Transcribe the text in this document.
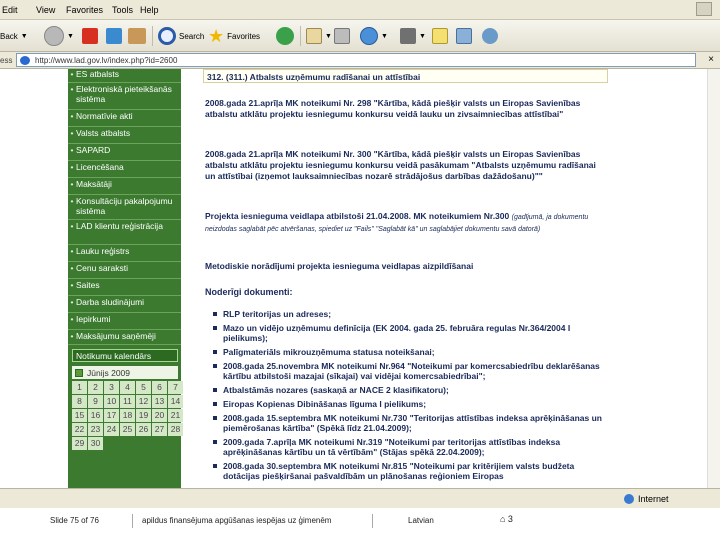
Edit View Favorites Tools Help
Back ▼	▼	Search ★ Favorites	▼	▼	▼
ess	http://www.lad.gov.lv/index.php?id=2600	×
• ES atbalsts
• Elektroniskā pieteikšanās sistēma
• Normatīvie akti
• Valsts atbalsts
• SAPARD
• Licencēšana
• Maksātāji
• Konsultāciju pakalpojumu sistēma
• LAD klientu reģistrācija
• Lauku reģistrs
• Cenu saraksti
• Saites
• Darba sludinājumi
• Iepirkumi
• Maksājumu saņēmēji
Notikumu kalendārs
Jūnijs 2009
1	2	3	4	5	6	7
8	9	10 11 12 13 14
15 16 17 18 19 20 21
22 23 24 25 26 27 28
29 30
312. (311.) Atbalsts uzņēmumu radīšanai un attīstībai
2008.gada 21.aprīļa MK noteikumi Nr. 298 "Kārtība, kādā piešķir valsts un Eiropas Savienības atbalstu atklātu projektu iesniegumu konkursu veidā lauku un zivsaimniecības attīstībai"
2008.gada 21.aprīļa MK noteikumi Nr. 300 "Kārtība, kādā piešķir valsts un Eiropas Savienības atbalstu atklātu projektu iesniegumu konkursu veidā pasākumam "Atbalsts uzņēmumu radīšanai un attīstībai (izņemot lauksaimniecības nozarē strādājošus darbības dažādošanu)""
Projekta iesnieguma veidlapa atbilstoši 21.04.2008. MK noteikumiem Nr.300 (gadījumā, ja dokumentu neizdodas saglabāt pēc atvēršanas, spiediet uz "Fails" "Saglabāt kā" un saglabājiet dokumentu savā datorā)
Metodiskie norādījumi projekta iesnieguma veidlapas aizpildīšanai
Noderīgi dokumenti:
RLP teritorijas un adreses;
Mazo un vidējo uzņēmumu definīcija (EK 2004. gada 25. februāra regulas Nr.364/2004 I pielikums);
Palīgmateriāls mikrouzņēmuma statusa noteikšanai;
2008.gada 25.novembra MK noteikumi Nr.964 "Noteikumi par komercsabiedrību deklarēšanas kārtību atbilstoši mazajai (sīkajai) vai vidējai komercsabiedrībai";
Atbalstāmās nozares (saskaņā ar NACE 2 klasifikatoru);
Eiropas Kopienas Dibināšanas līguma I pielikums;
2008.gada 15.septembra MK noteikumi Nr.730 "Teritorijas attīstības indeksa aprēķināšanas un piemērošanas kārtība" (Spēkā līdz 21.04.2009);
2009.gada 7.aprīļa MK noteikumi Nr.319 "Noteikumi par teritorijas attīstības indeksa aprēķināšanas kārtību un tā vērtībām" (Stājas spēkā 22.04.2009);
2008.gada 30.septembra MK noteikumi Nr.815 "Noteikumi par kritērijiem valsts budžeta dotācijas piešķiršanai pašvaldībām un plānošanas reģioniem Eiropas
Internet
Slide 75 of 76	apildus finansējuma apgūšanas iespējas uz ģimenēm	Latvian	⌂ 3
